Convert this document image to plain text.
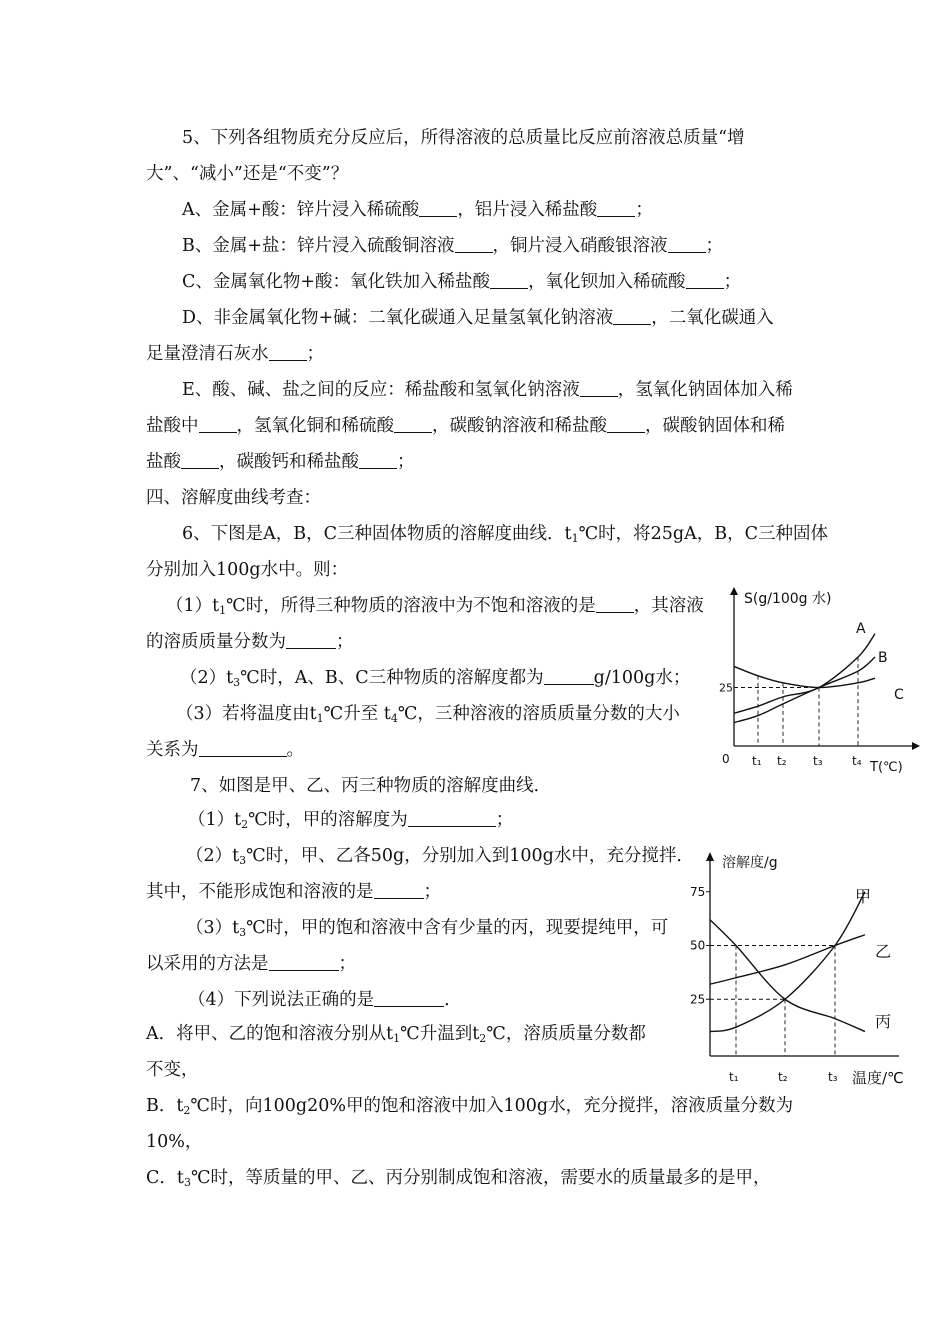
5、下列各组物质充分反应后，所得溶液的总质量比反应前溶液总质量“增
大”、“减小”还是“不变”？
A、金属+酸：锌片浸入稀硫酸 ，铝片浸入稀盐酸 ；
B、金属+盐：锌片浸入硫酸铜溶液 ，铜片浸入硝酸银溶液 ；
C、金属氧化物+酸：氧化铁加入稀盐酸 ，氧化钡加入稀硫酸 ；
D、非金属氧化物+碱：二氧化碳通入足量氢氧化钠溶液 ，二氧化碳通入
足量澄清石灰水 ；
E、酸、碱、盐之间的反应：稀盐酸和氢氧化钠溶液 ，氢氧化钠固体加入稀
盐酸中 ，氢氧化铜和稀硫酸 ，碳酸钠溶液和稀盐酸 ，碳酸钠固体和稀
盐酸 ，碳酸钙和稀盐酸 ；
四、溶解度曲线考查：
6、下图是A，B，C三种固体物质的溶解度曲线．$t_1℃$时，将25gA，B，C三种固体
分别加入100g水中。则：
$(1)t_1℃$时，所得三种物质的溶液中为不饱和溶液的是 ，其溶液
的溶质质量分数为	；
$(2)t_3℃$时，A、B、C三种物质的溶解度都为	g/100g水；
（3）若将温度由$t_1℃$升至 $t_4℃$，三种溶液的溶质质量分数的大小
关系为	。
7、如图是甲、乙、丙三种物质的溶解度曲线．
$(1)t_2℃$时，甲的溶解度为	；
$(2)t_3℃$时，甲、乙各50g，分别加入到100g水中，充分搅拌．
其中，不能形成饱和溶液的是	；
$(3)t_3℃$时，甲的饱和溶液中含有少量的丙，现要提纯甲，可
以采用的方法是	；
（4）下列说法正确的是	．
A．将甲、乙的饱和溶液分别从$t_1℃$升温到$t_2℃$，溶质质量分数都
不变，
B．$t_2℃$时，向100g20%甲的饱和溶液中加入100g水，充分搅拌，溶液质量分数为
10%，
C．$t_3℃$时，等质量的甲、乙、丙分别制成饱和溶液，需要水的质量最多的是甲，
S(g/100g 水)
T(℃)
0
25
t₁ t₂ t₃ t₄
A
B
C
溶解度/g
温度/℃
75
50
25
t₁	t₂	t₃
甲
乙
丙
